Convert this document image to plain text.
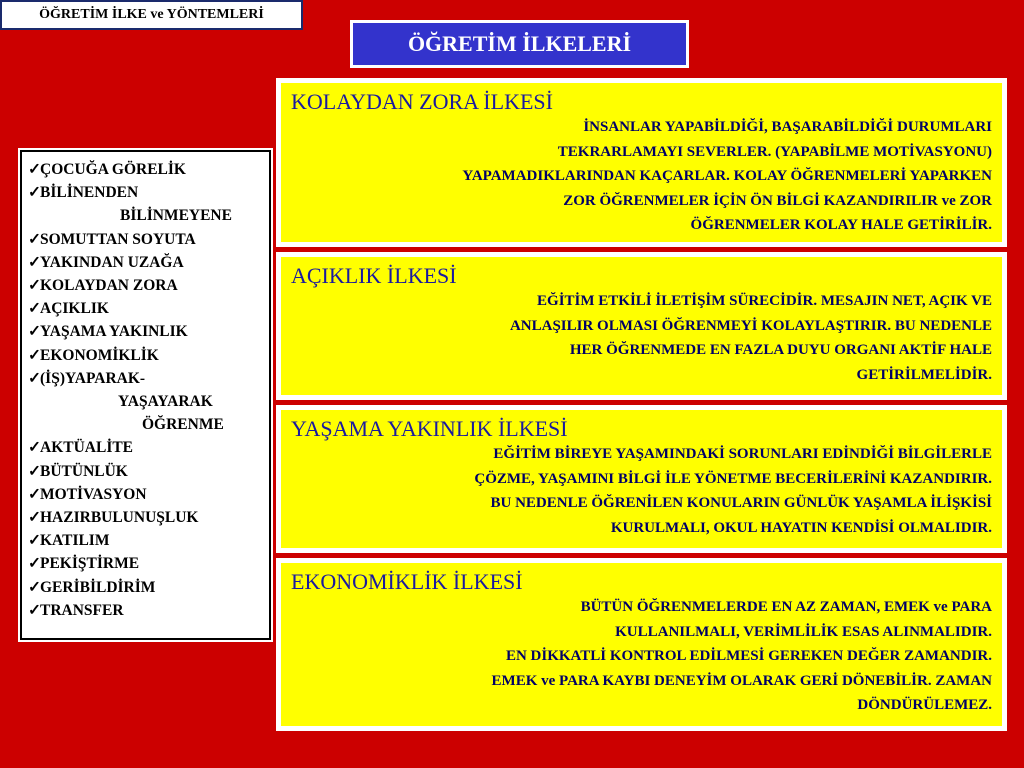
ÖĞRETİM İLKE ve YÖNTEMLERİ
ÖĞRETİM İLKELERİ
✓ÇOCUĞA GÖRELİK
✓BİLİNENDEN
BİLİNMEYENE
✓SOMUTTAN SOYUTA
✓YAKINDAN UZAĞA
✓KOLAYDAN ZORA
✓AÇIKLIK
✓YAŞAMA YAKINLIK
✓EKONOMİKLİK
✓(İŞ)YAPARAK-
YAŞAYARAK
ÖĞRENME
✓AKTÜALİTE
✓BÜTÜNLÜK
✓MOTİVASYON
✓HAZIRBULUNUŞLUK
✓KATILIM
✓PEKİŞTİRME
✓GERİBİLDİRİM
✓TRANSFER
KOLAYDAN ZORA İLKESİ
İNSANLAR YAPABİLDİĞİ, BAŞARABİLDİĞİ DURUMLARI
TEKRARLAMAYI SEVERLER. (YAPABİLME MOTİVASYONU)
YAPAMADIKLARINDAN KAÇARLAR. KOLAY ÖĞRENMELERİ YAPARKEN
ZOR ÖĞRENMELER İÇİN ÖN BİLGİ KAZANDIRILIR ve ZOR
ÖĞRENMELER KOLAY HALE GETİRİLİR.
AÇIKLIK İLKESİ
EĞİTİM ETKİLİ İLETİŞİM SÜRECİDİR. MESAJIN NET, AÇIK VE
ANLAŞILIR OLMASI ÖĞRENMEYİ KOLAYLAŞTIRIR. BU NEDENLE
HER ÖĞRENMEDE EN FAZLA DUYU ORGANI AKTİF HALE
GETİRİLMELİDİR.
YAŞAMA YAKINLIK İLKESİ
EĞİTİM BİREYE YAŞAMINDAKİ SORUNLARI EDİNDİĞİ BİLGİLERLE
ÇÖZME, YAŞAMINI BİLGİ İLE YÖNETME BECERİLERİNİ KAZANDIRIR.
BU NEDENLE ÖĞRENİLEN KONULARIN GÜNLÜK YAŞAMLA İLİŞKİSİ
KURULMALI, OKUL HAYATIN KENDİSİ OLMALIDIR.
EKONOMİKLİK İLKESİ
BÜTÜN ÖĞRENMELERDE EN AZ ZAMAN, EMEK ve PARA
KULLANILMALI, VERİMLİLİK ESAS ALINMALIDIR.
EN DİKKATLİ KONTROL EDİLMESİ GEREKEN DEĞER ZAMANDIR.
EMEK ve PARA KAYBI DENEYİM OLARAK GERİ DÖNEBİLİR. ZAMAN
DÖNDÜRÜLEMEZ.
